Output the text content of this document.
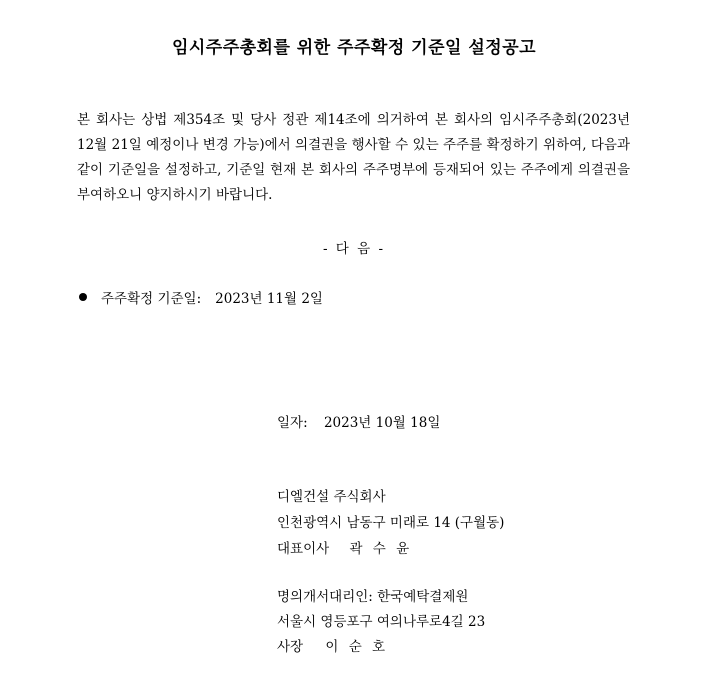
임시주주총회를 위한 주주확정 기준일 설정공고
본 회사는 상법 제354조 및 당사 정관 제14조에 의거하여 본 회사의 임시주주총회(2023년 12월 21일 예정이나 변경 가능)에서 의결권을 행사할 수 있는 주주를 확정하기 위하여, 다음과 같이 기준일을 설정하고, 기준일 현재 본 회사의 주주명부에 등재되어 있는 주주에게 의결권을 부여하오니 양지하시기 바랍니다.
- 다 음 -
주주확정 기준일: 2023년 11월 2일
일자: 2023년 10월 18일
디엘건설 주식회사
인천광역시 남동구 미래로 14 (구월동)
대표이사 곽 수 윤
명의개서대리인: 한국예탁결제원
서울시 영등포구 여의나루로4길 23
사장 이 순 호
